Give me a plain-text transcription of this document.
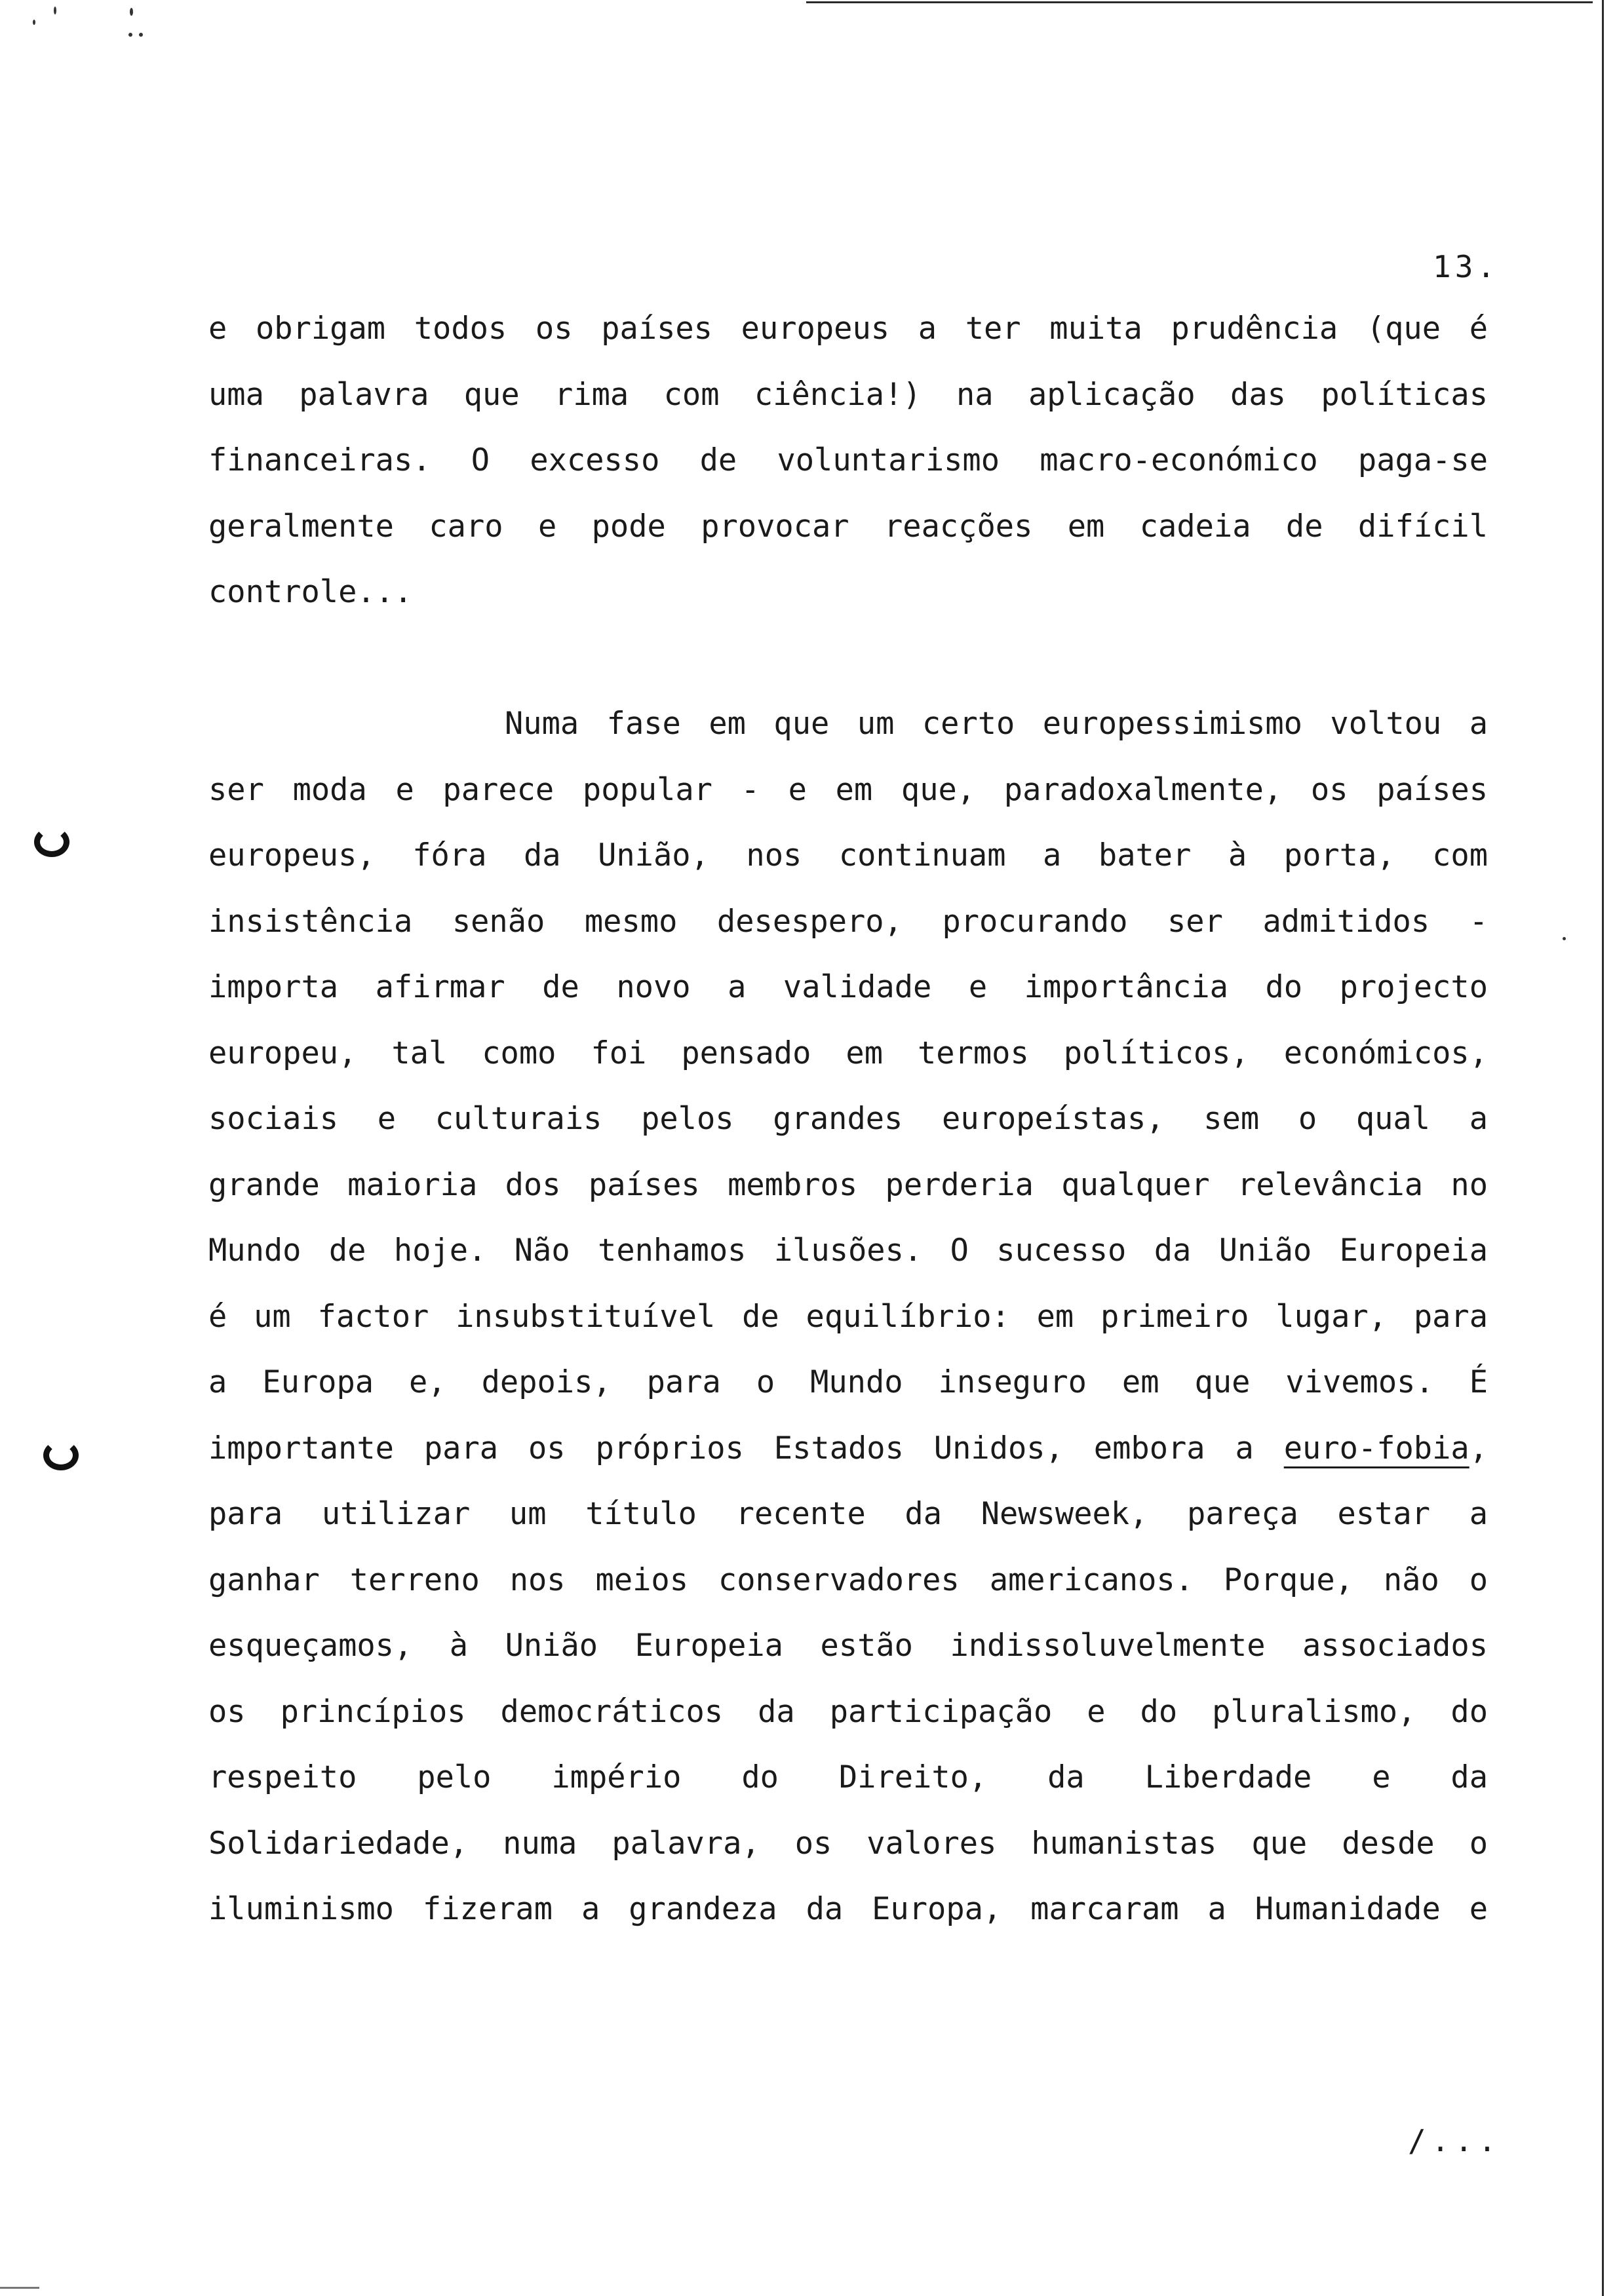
13.
e obrigam todos os países europeus a ter muita prudência (que é
uma palavra que rima com ciência!) na aplicação das políticas
financeiras. O excesso de voluntarismo macro-económico paga-se
geralmente caro e pode provocar reacções em cadeia de difícil
controle...
Numa fase em que um certo europessimismo voltou a
ser moda e parece popular - e em que, paradoxalmente, os países
europeus, fóra da União, nos continuam a bater à porta, com
insistência senão mesmo desespero, procurando ser admitidos -
importa afirmar de novo a validade e importância do projecto
europeu, tal como foi pensado em termos políticos, económicos,
sociais e culturais pelos grandes europeístas, sem o qual a
grande maioria dos países membros perderia qualquer relevância no
Mundo de hoje. Não tenhamos ilusões. O sucesso da União Europeia
é um factor insubstituível de equilíbrio: em primeiro lugar, para
a Europa e, depois, para o Mundo inseguro em que vivemos. É
importante para os próprios Estados Unidos, embora a euro-fobia,
para utilizar um título recente da Newsweek, pareça estar a
ganhar terreno nos meios conservadores americanos. Porque, não o
esqueçamos, à União Europeia estão indissoluvelmente associados
os princípios democráticos da participação e do pluralismo, do
respeito pelo império do Direito, da Liberdade e da
Solidariedade, numa palavra, os valores humanistas que desde o
iluminismo fizeram a grandeza da Europa, marcaram a Humanidade e
/...
